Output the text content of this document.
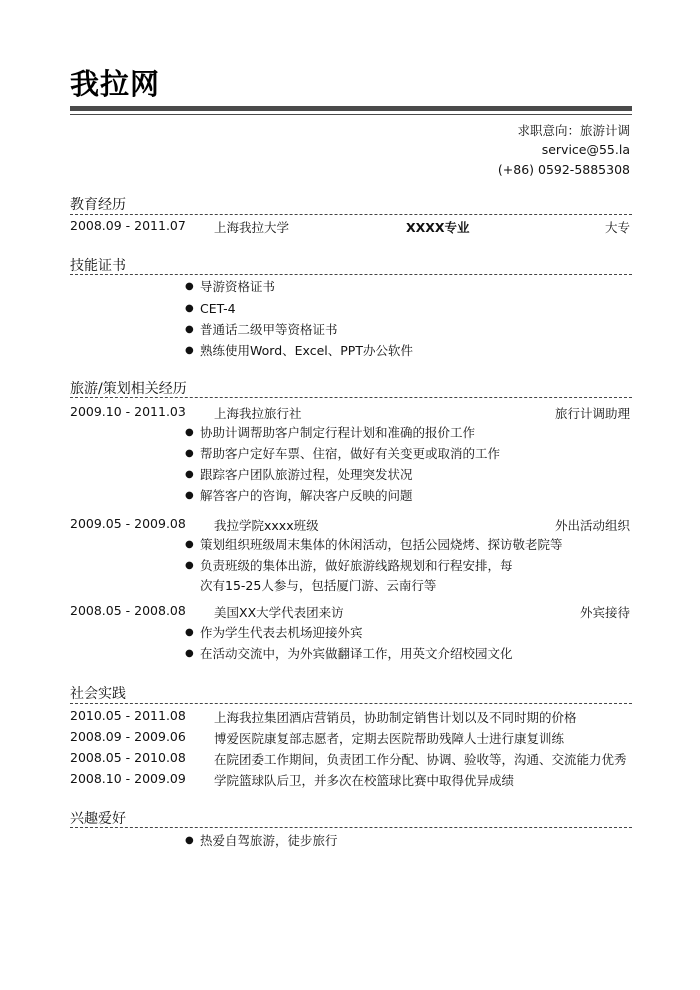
我拉网
求职意向：旅游计调
service@55.la
(+86) 0592-5885308
教育经历
2008.09 - 2011.07 上海我拉大学	XXXX专业	大专
技能证书
● 导游资格证书
● CET-4
● 普通话二级甲等资格证书
● 熟练使用Word、Excel、PPT办公软件
旅游/策划相关经历
2009.10 - 2011.03 上海我拉旅行社	旅行计调助理
● 协助计调帮助客户制定行程计划和准确的报价工作
● 帮助客户定好车票、住宿，做好有关变更或取消的工作
● 跟踪客户团队旅游过程，处理突发状况
● 解答客户的咨询，解决客户反映的问题
2009.05 - 2009.08 我拉学院xxxx班级	外出活动组织
● 策划组织班级周末集体的休闲活动，包括公园烧烤、探访敬老院等
● 负责班级的集体出游，做好旅游线路规划和行程安排，每次有15-25人参与，包括厦门游、云南行等
2008.05 - 2008.08 美国XX大学代表团来访	外宾接待
● 作为学生代表去机场迎接外宾
● 在活动交流中，为外宾做翻译工作，用英文介绍校园文化
社会实践
2010.05 - 2011.08 上海我拉集团酒店营销员，协助制定销售计划以及不同时期的价格
2008.09 - 2009.06 博爱医院康复部志愿者，定期去医院帮助残障人士进行康复训练
2008.05 - 2010.08 在院团委工作期间，负责团工作分配、协调、验收等，沟通、交流能力优秀
2008.10 - 2009.09 学院篮球队后卫，并多次在校篮球比赛中取得优异成绩
兴趣爱好
● 热爱自驾旅游，徒步旅行
